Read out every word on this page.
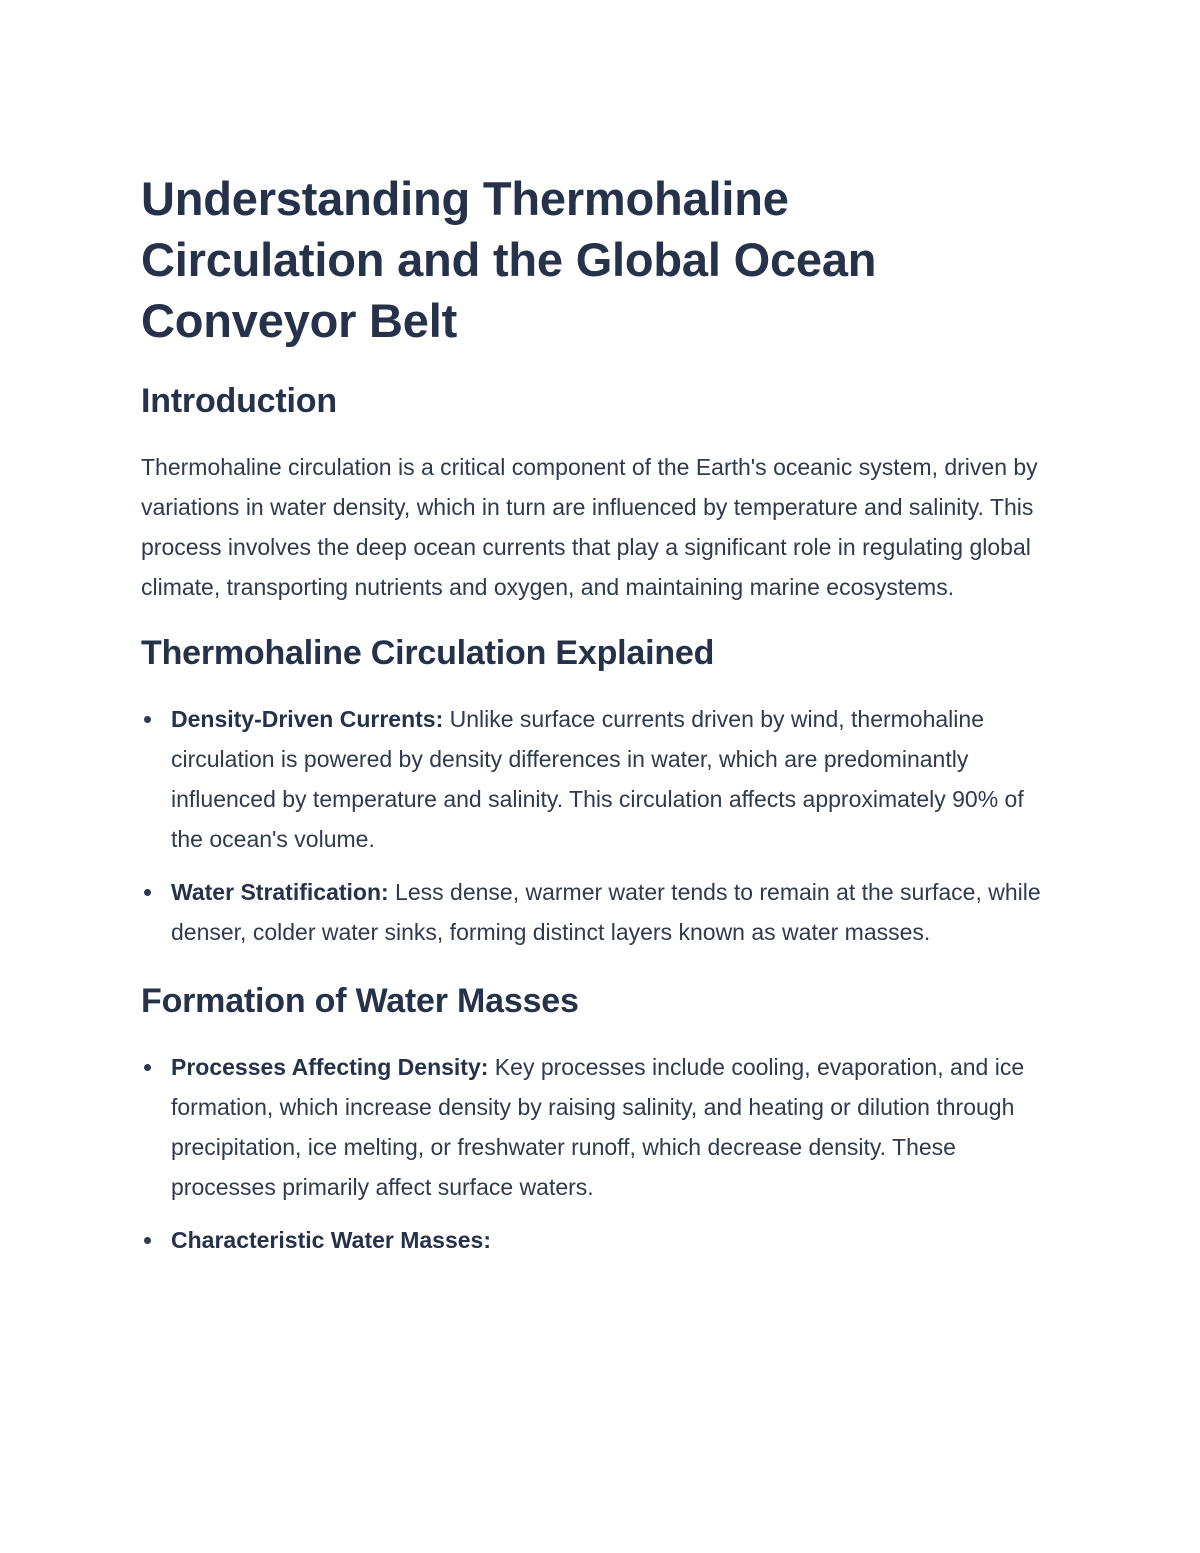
Understanding Thermohaline Circulation and the Global Ocean Conveyor Belt
Introduction

Thermohaline circulation is a critical component of the Earth's oceanic system, driven by variations in water density, which in turn are influenced by temperature and salinity. This process involves the deep ocean currents that play a significant role in regulating global climate, transporting nutrients and oxygen, and maintaining marine ecosystems.

Thermohaline Circulation Explained
Density-Driven Currents: Unlike surface currents driven by wind, thermohaline circulation is powered by density differences in water, which are predominantly influenced by temperature and salinity. This circulation affects approximately 90% of the ocean's volume.
Water Stratification: Less dense, warmer water tends to remain at the surface, while denser, colder water sinks, forming distinct layers known as water masses.
Formation of Water Masses
Processes Affecting Density: Key processes include cooling, evaporation, and ice formation, which increase density by raising salinity, and heating or dilution through precipitation, ice melting, or freshwater runoff, which decrease density. These processes primarily affect surface waters.
Characteristic Water Masses:
